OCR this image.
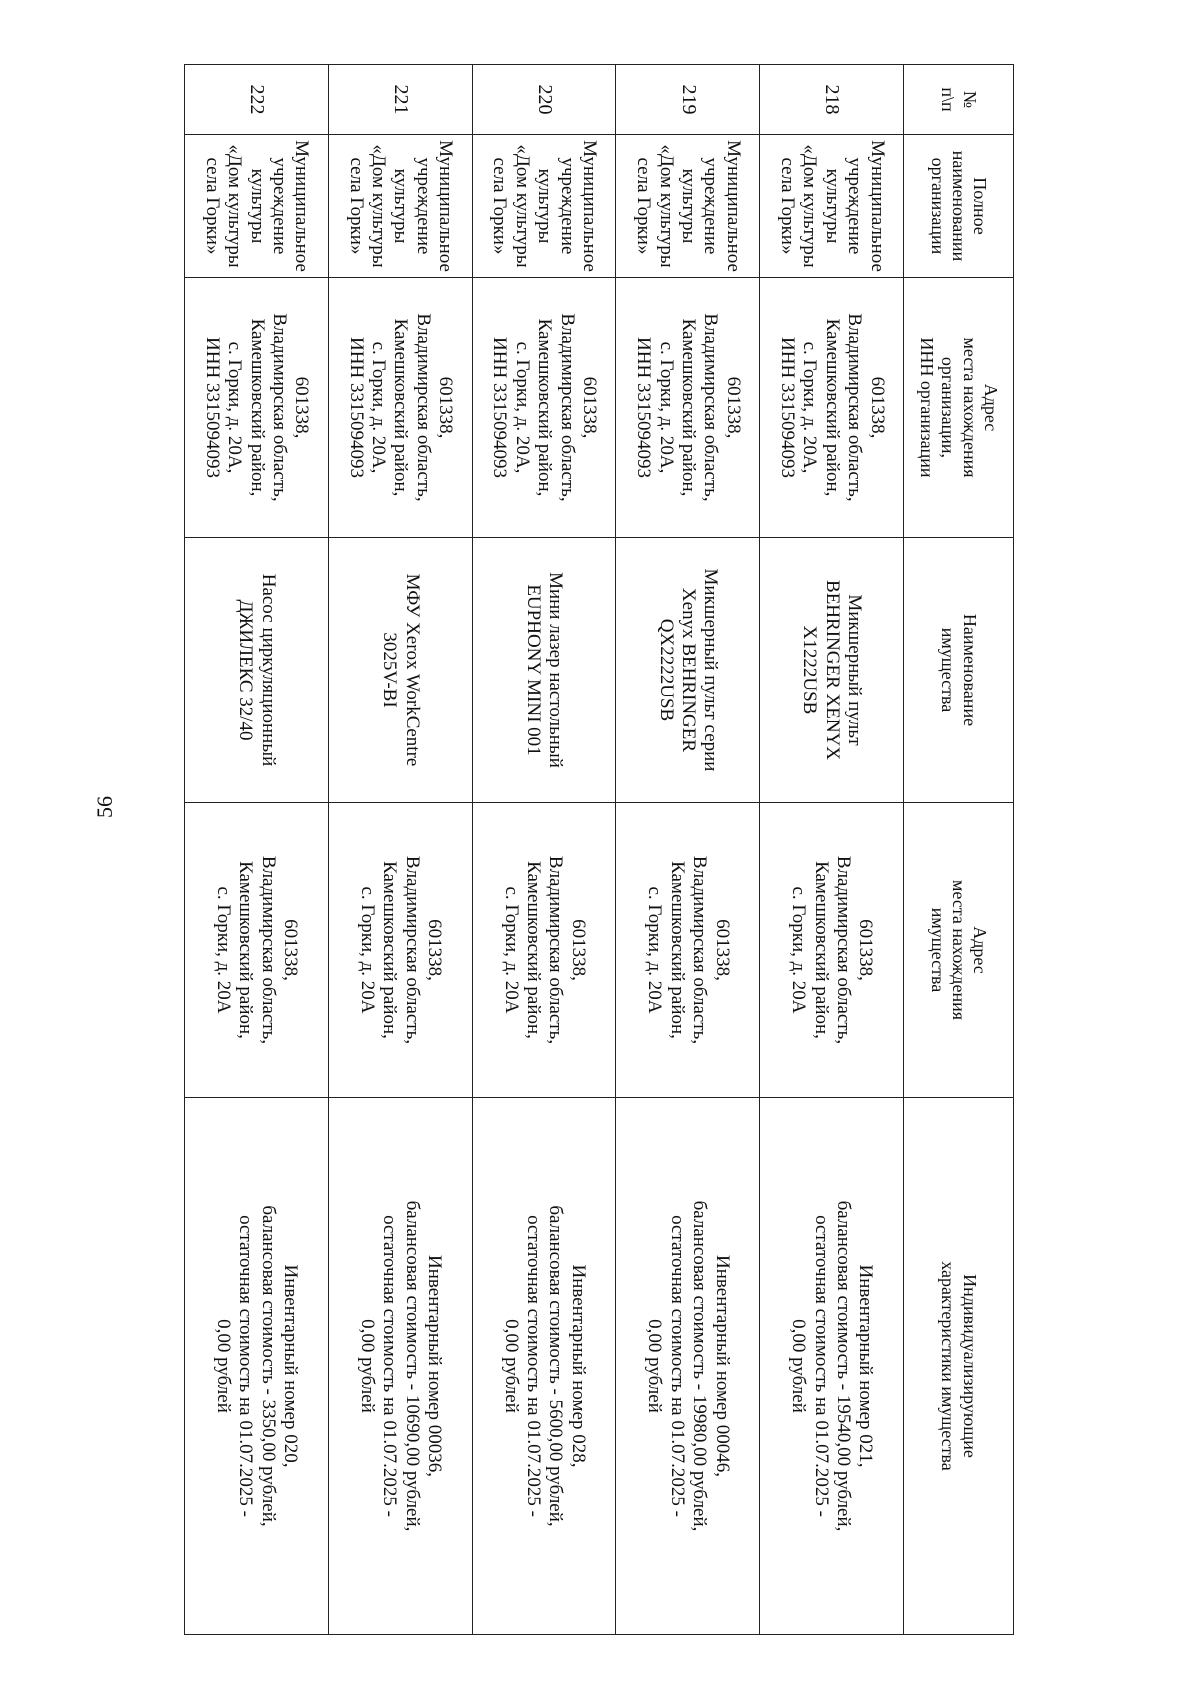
56
№
п\п	Полное
наименовании
организации	Адрес
места нахождения
организации,
ИНН организации	Наименование
имущества	Адрес
места нахождения
имущества	Индивидуализирующие
характеристики имущества

218	Муниципальное
учреждение
культуры
«Дом культуры
села Горки»	601338,
Владимирская область,
Камешковский район,
с. Горки, д. 20А,
ИНН 3315094093	Микшерный пульт
BEHRINGER XENYX
X1222USB	601338,
Владимирская область,
Камешковский район,
с. Горки, д. 20А	Инвентарный номер 021,
балансовая стоимость - 19540,00 рублей,
остаточная стоимость на 01.07.2025 -
0,00 рублей

219	Муниципальное
учреждение
культуры
«Дом культуры
села Горки»	601338,
Владимирская область,
Камешковский район,
с. Горки, д. 20А,
ИНН 3315094093	Микшерный пульт серии
Xenyx BEHRINGER
QX2222USB	601338,
Владимирская область,
Камешковский район,
с. Горки, д. 20А	Инвентарный номер 00046,
балансовая стоимость - 19980,00 рублей,
остаточная стоимость на 01.07.2025 -
0,00 рублей

220	Муниципальное
учреждение
культуры
«Дом культуры
села Горки»	601338,
Владимирская область,
Камешковский район,
с. Горки, д. 20А,
ИНН 3315094093	Мини лазер настольный
EUPHONY MINI 001	601338,
Владимирская область,
Камешковский район,
с. Горки, д. 20А	Инвентарный номер 028,
балансовая стоимость - 5600,00 рублей,
остаточная стоимость на 01.07.2025 -
0,00 рублей

221	Муниципальное
учреждение
культуры
«Дом культуры
села Горки»	601338,
Владимирская область,
Камешковский район,
с. Горки, д. 20А,
ИНН 3315094093	МФУ Xerox WorkCentre
3025V-BI	601338,
Владимирская область,
Камешковский район,
с. Горки, д. 20А	Инвентарный номер 00036,
балансовая стоимость - 10690,00 рублей,
остаточная стоимость на 01.07.2025 -
0,00 рублей

222	Муниципальное
учреждение
культуры
«Дом культуры
села Горки»	601338,
Владимирская область,
Камешковский район,
с. Горки, д. 20А,
ИНН 3315094093	Насос циркуляционный
ДЖИЛЕКС 32/40	601338,
Владимирская область,
Камешковский район,
с. Горки, д. 20А	Инвентарный номер 020,
балансовая стоимость - 3350,00 рублей,
остаточная стоимость на 01.07.2025 -
0,00 рублей
